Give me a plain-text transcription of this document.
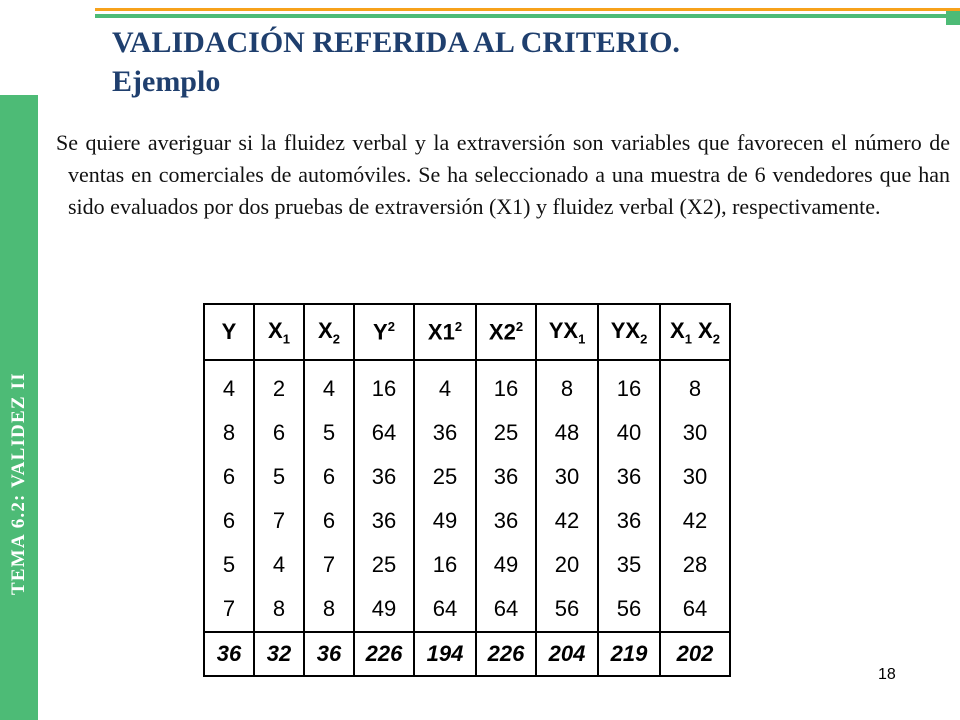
TEMA 6.2: VALIDEZ II
VALIDACIÓN REFERIDA AL CRITERIO.
Ejemplo
Se quiere averiguar si la fluidez verbal y la extraversión son variables que favorecen el número de ventas en comerciales de automóviles. Se ha seleccionado a una muestra de 6 vendedores que han sido evaluados por dos pruebas de extraversión (X1) y fluidez verbal (X2), respectivamente.
Y	$X_1$	$X_2$	$Y^2$	$X1^2$	$X2^2$	$YX_1$	$YX_2$	$X_1$ $X_2$
4	2	4	16	4	16	8	16	8
8	6	5	64	36	25	48	40	30
6	5	6	36	25	36	30	36	30
6	7	6	36	49	36	42	36	42
5	4	7	25	16	49	20	35	28
7	8	8	49	64	64	56	56	64
36	32	36	226	194	226	204	219	202
18
